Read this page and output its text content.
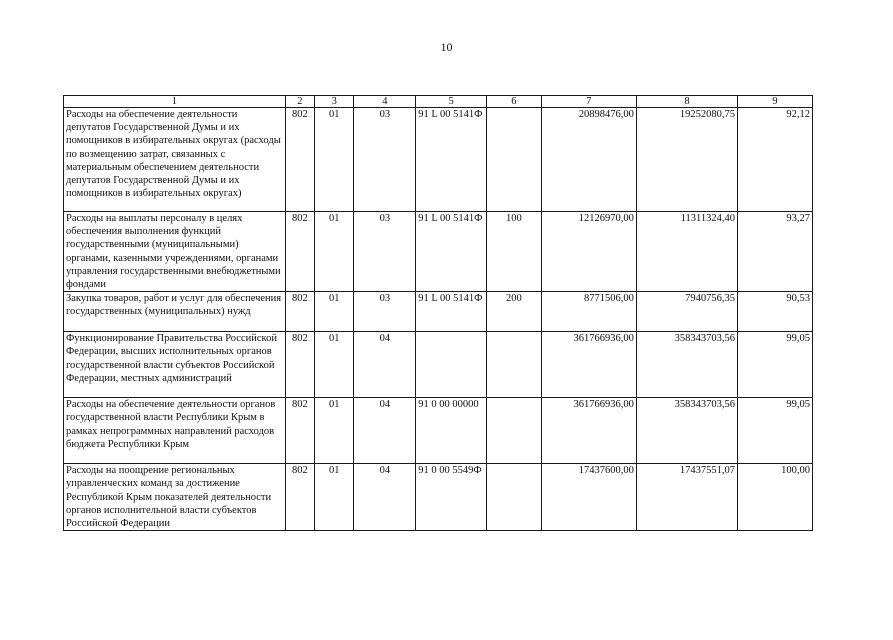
10
1	2	3	4	5	6	7	8	9
Расходы на обеспечение деятельности депутатов Государственной Думы и их помощников в избирательных округах (расходы по возмещению затрат, связанных с материальным обеспечением деятельности депутатов Государственной Думы и их помощников в избирательных округах)	802	01	03	91 L 00 5141Ф		20898476,00	19252080,75	92,12
Расходы на выплаты персоналу в целях обеспечения выполнения функций государственными (муниципальными) органами, казенными учреждениями, органами управления государственными внебюджетными фондами	802	01	03	91 L 00 5141Ф	100	12126970,00	11311324,40	93,27
Закупка товаров, работ и услуг для обеспечения государственных (муниципальных) нужд	802	01	03	91 L 00 5141Ф	200	8771506,00	7940756,35	90,53
Функционирование Правительства Российской Федерации, высших исполнительных органов государственной власти субъектов Российской Федерации, местных администраций	802	01	04			361766936,00	358343703,56	99,05
Расходы на обеспечение деятельности органов государственной власти Республики Крым в рамках непрограммных направлений расходов бюджета Республики Крым	802	01	04	91 0 00 00000		361766936,00	358343703,56	99,05
Расходы на поощрение региональных управленческих команд за достижение Республикой Крым показателей деятельности органов исполнительной власти субъектов Российской Федерации	802	01	04	91 0 00 5549Ф		17437600,00	17437551,07	100,00
